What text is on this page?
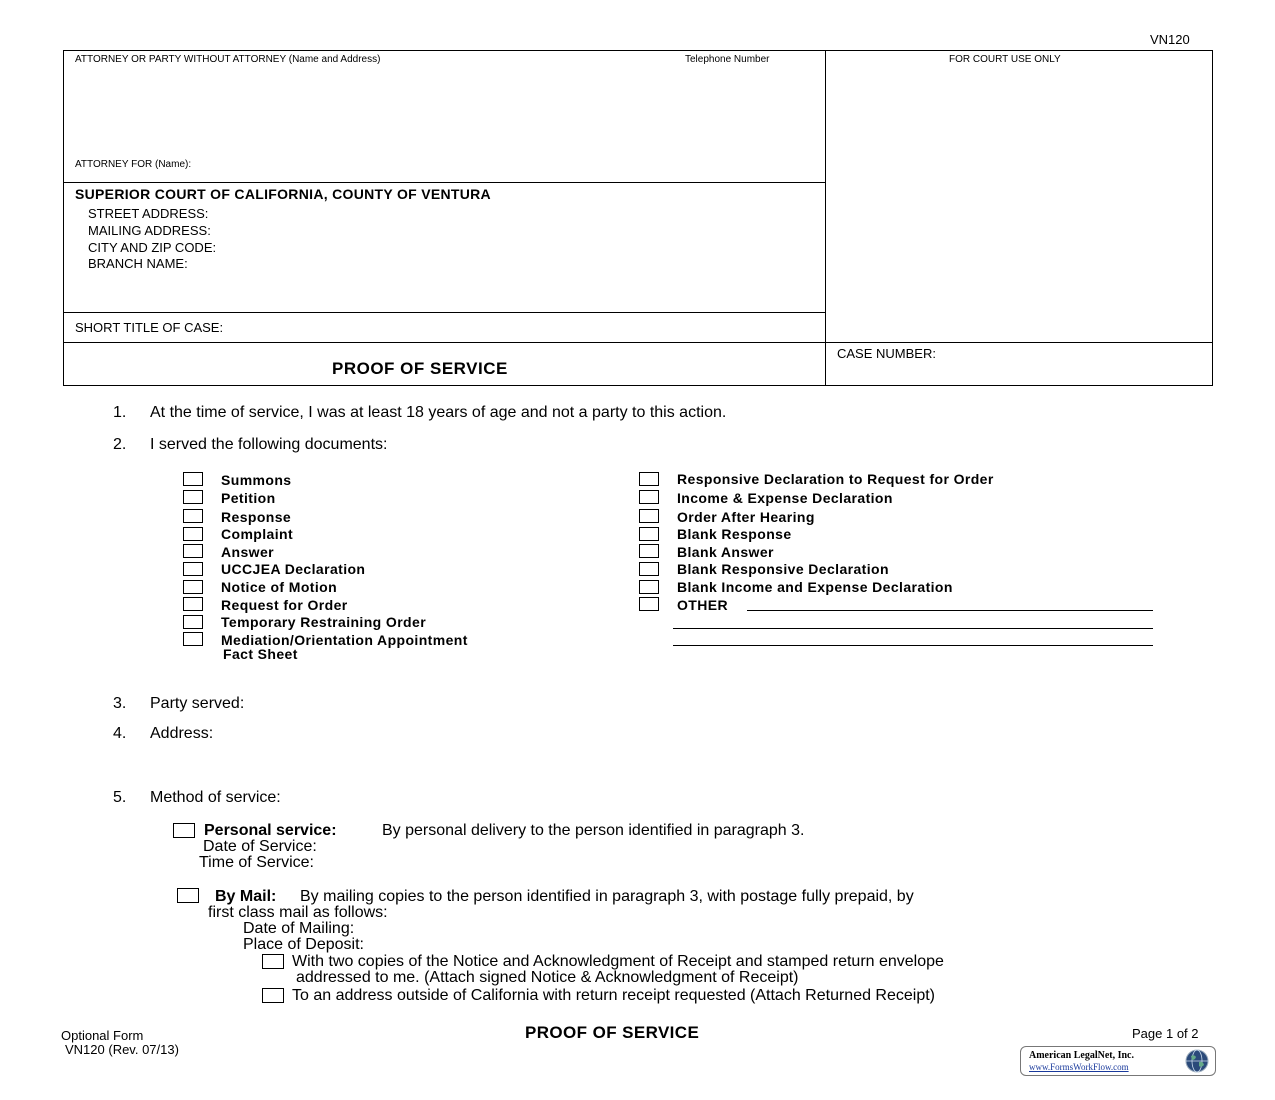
VN120
ATTORNEY OR PARTY WITHOUT ATTORNEY (Name and Address)	Telephone Number	FOR COURT USE ONLY
ATTORNEY FOR (Name):
SUPERIOR COURT OF CALIFORNIA, COUNTY OF VENTURA
STREET ADDRESS:
MAILING ADDRESS:
CITY AND ZIP CODE:
BRANCH NAME:
SHORT TITLE OF CASE:
PROOF OF SERVICE
CASE NUMBER:
1. At the time of service, I was at least 18 years of age and not a party to this action.
2. I served the following documents:
Summons
Petition
Response
Complaint
Answer
UCCJEA Declaration
Notice of Motion
Request for Order
Temporary Restraining Order
Mediation/Orientation Appointment
Fact Sheet
Responsive Declaration to Request for Order
Income & Expense Declaration
Order After Hearing
Blank Response
Blank Answer
Blank Responsive Declaration
Blank Income and Expense Declaration
OTHER
3. Party served:
4. Address:
5. Method of service:
Personal service:	By personal delivery to the person identified in paragraph 3.
Date of Service:
Time of Service:
By Mail: By mailing copies to the person identified in paragraph 3, with postage fully prepaid, by
first class mail as follows:
Date of Mailing:
Place of Deposit:
With two copies of the Notice and Acknowledgment of Receipt and stamped return envelope
addressed to me. (Attach signed Notice & Acknowledgment of Receipt)
To an address outside of California with return receipt requested (Attach Returned Receipt)
Optional Form
VN120 (Rev. 07/13)
PROOF OF SERVICE	Page 1 of 2
American LegalNet, Inc.
www.FormsWorkFlow.com
